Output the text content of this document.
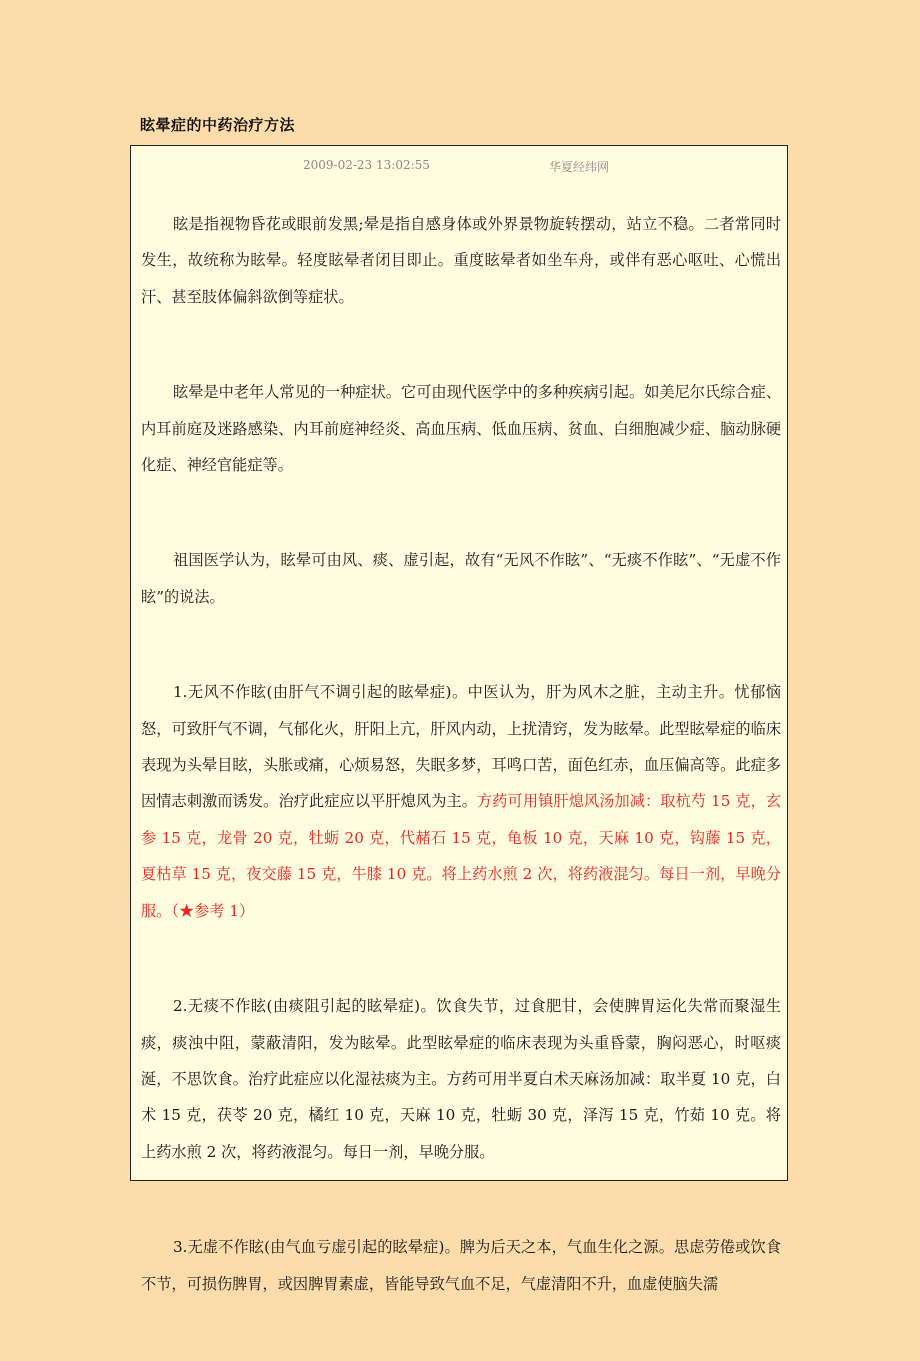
眩晕症的中药治疗方法
2009-02-23 13:02:55	华夏经纬网

眩是指视物昏花或眼前发黑;晕是指自感身体或外界景物旋转摆动，站立不稳。二者常同时发生，故统称为眩晕。轻度眩晕者闭目即止。重度眩晕者如坐车舟，或伴有恶心呕吐、心慌出汗、甚至肢体偏斜欲倒等症状。

眩晕是中老年人常见的一种症状。它可由现代医学中的多种疾病引起。如美尼尔氏综合症、内耳前庭及迷路感染、内耳前庭神经炎、高血压病、低血压病、贫血、白细胞减少症、脑动脉硬化症、神经官能症等。

祖国医学认为，眩晕可由风、痰、虚引起，故有“无风不作眩”、“无痰不作眩”、“无虚不作眩”的说法。

1.无风不作眩(由肝气不调引起的眩晕症)。中医认为，肝为风木之脏，主动主升。忧郁恼怒，可致肝气不调，气郁化火，肝阳上亢，肝风内动，上扰清窍，发为眩晕。此型眩晕症的临床表现为头晕目眩，头胀或痛，心烦易怒，失眠多梦，耳鸣口苦，面色红赤，血压偏高等。此症多因情志刺激而诱发。治疗此症应以平肝熄风为主。方药可用镇肝熄风汤加减：取杭芍 15 克，玄参 15 克，龙骨 20 克，牡蛎 20 克，代赭石 15 克，龟板 10 克，天麻 10 克，钩藤 15 克，夏枯草 15 克，夜交藤 15 克，牛膝 10 克。将上药水煎 2 次，将药液混匀。每日一剂，早晚分服。（★参考 1）

2.无痰不作眩(由痰阻引起的眩晕症)。饮食失节，过食肥甘，会使脾胃运化失常而聚湿生痰，痰浊中阻，蒙蔽清阳，发为眩晕。此型眩晕症的临床表现为头重昏蒙，胸闷恶心，时呕痰涎，不思饮食。治疗此症应以化湿祛痰为主。方药可用半夏白术天麻汤加减：取半夏 10 克，白术 15 克，茯苓 20 克，橘红 10 克，天麻 10 克，牡蛎 30 克，泽泻 15 克，竹茹 10 克。将上药水煎 2 次，将药液混匀。每日一剂，早晚分服。

3.无虚不作眩(由气血亏虚引起的眩晕症)。脾为后天之本，气血生化之源。思虑劳倦或饮食不节，可损伤脾胃，或因脾胃素虚，皆能导致气血不足，气虚清阳不升，血虚使脑失濡
